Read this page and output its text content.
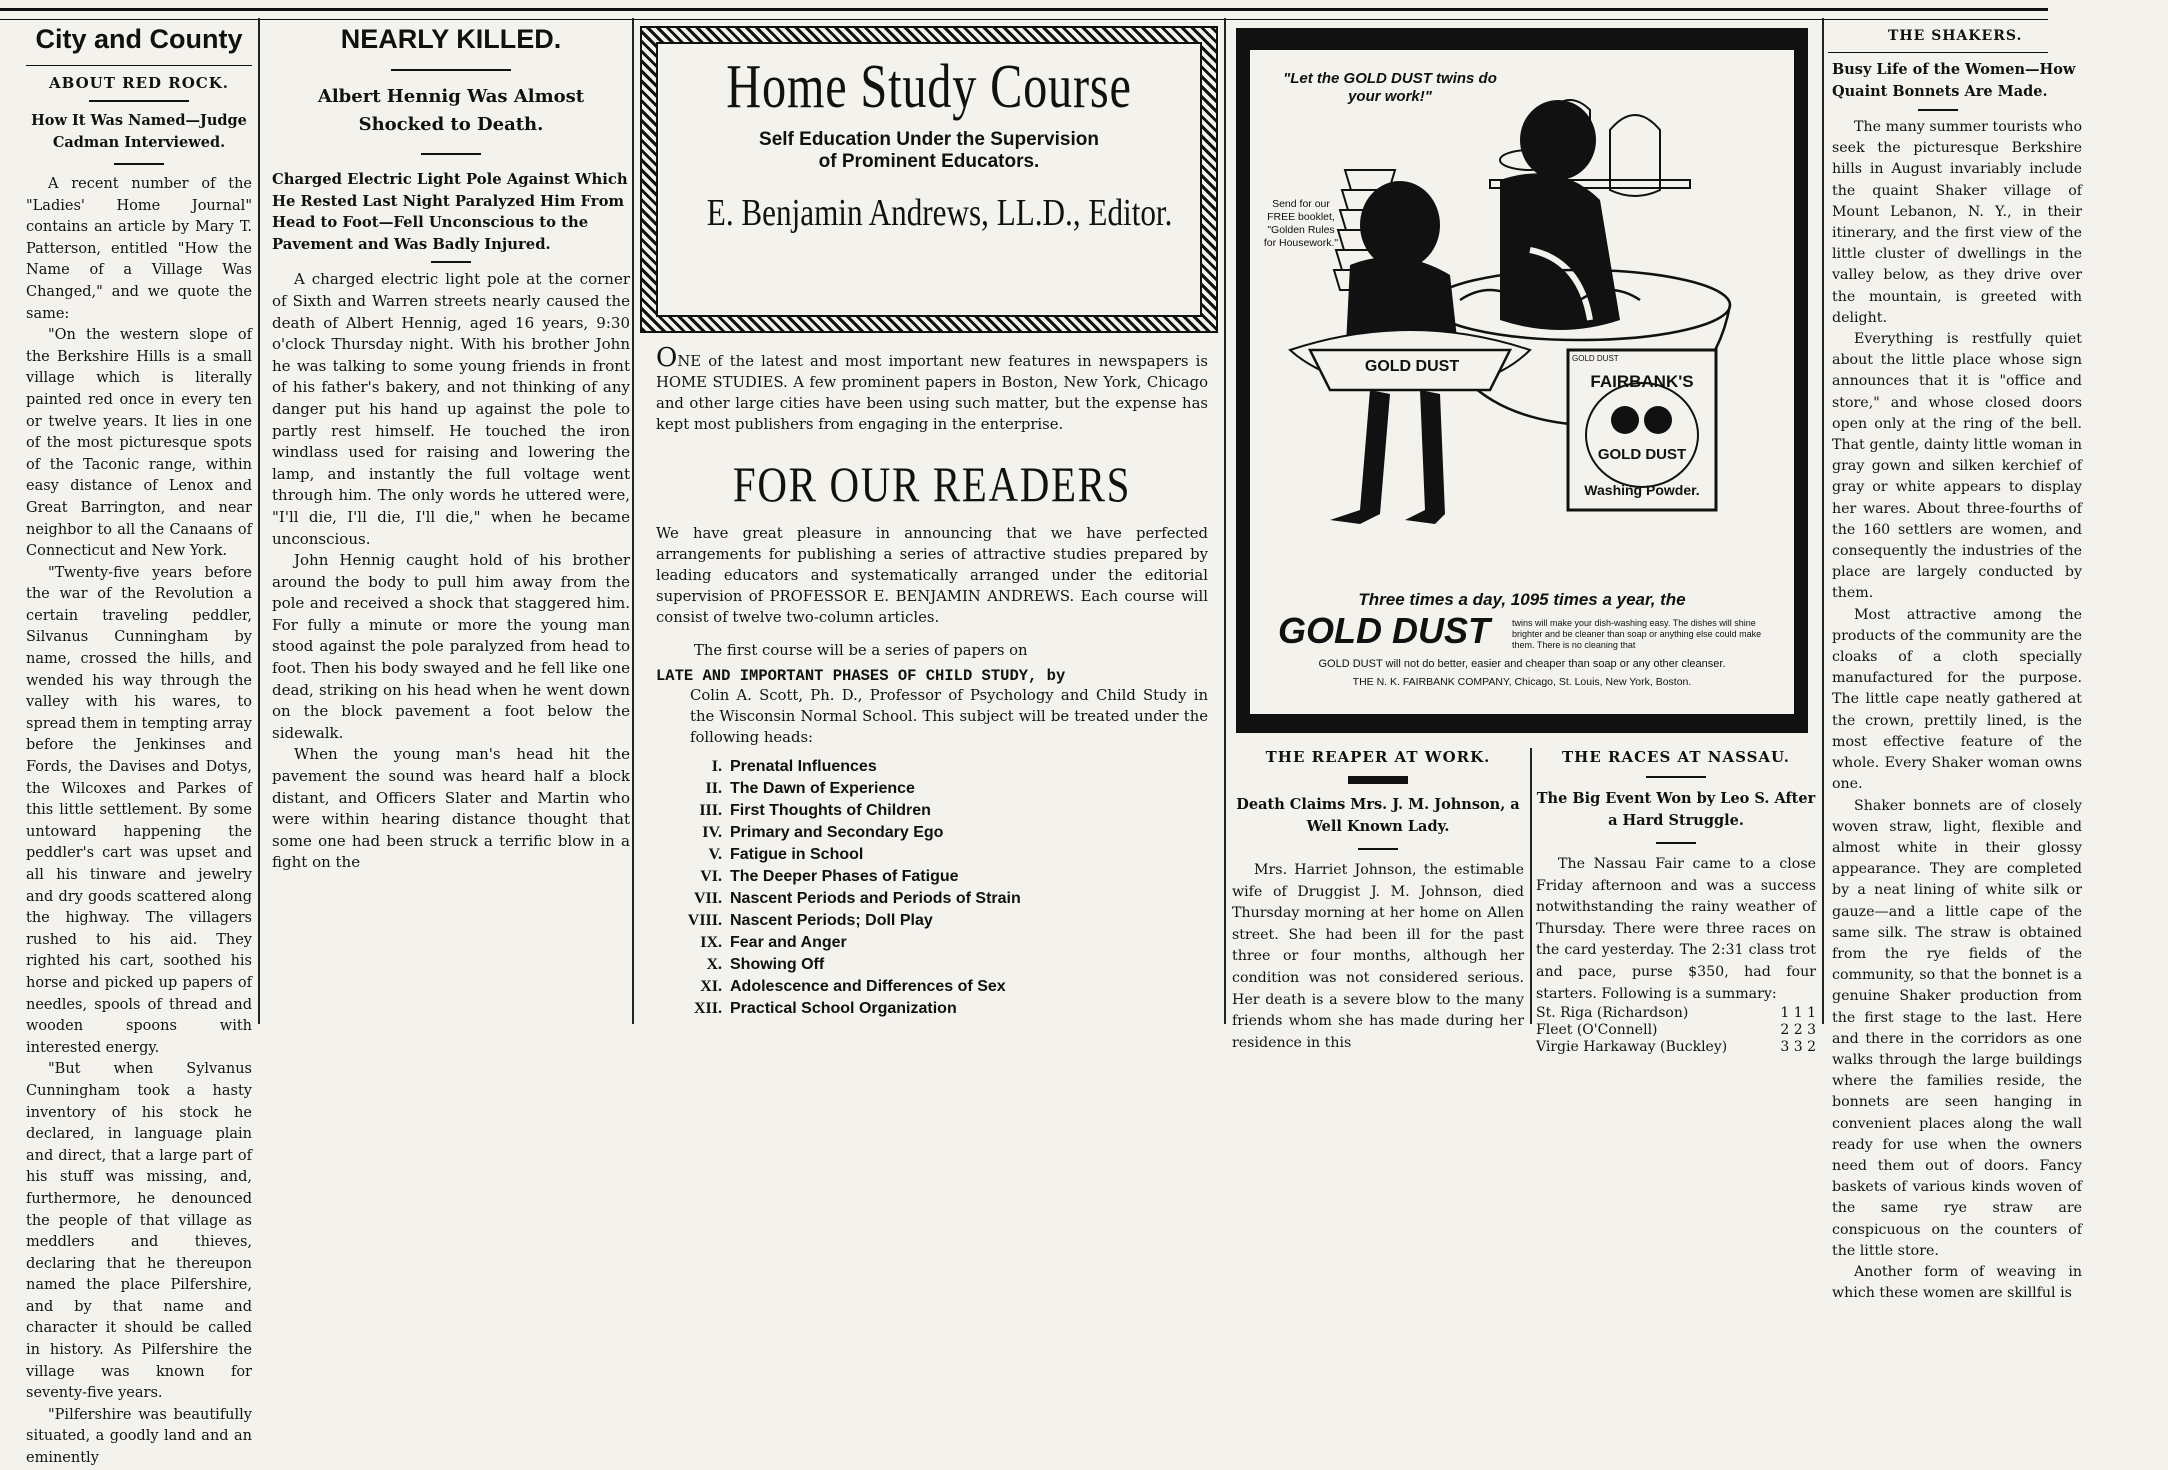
City and County
ABOUT RED ROCK.
How It Was Named—Judge Cadman Interviewed.

A recent number of the "Ladies' Home Journal" contains an article by Mary T. Patterson, entitled "How the Name of a Village Was Changed," and we quote the same:

"On the western slope of the Berkshire Hills is a small village which is literally painted red once in every ten or twelve years. It lies in one of the most picturesque spots of the Taconic range, within easy distance of Lenox and Great Barrington, and near neighbor to all the Canaans of Connecticut and New York.

"Twenty-five years before the war of the Revolution a certain traveling peddler, Silvanus Cunningham by name, crossed the hills, and wended his way through the valley with his wares, to spread them in tempting array before the Jenkinses and Fords, the Davises and Dotys, the Wilcoxes and Parkes of this little settlement. By some untoward happening the peddler's cart was upset and all his tinware and jewelry and dry goods scattered along the highway. The villagers rushed to his aid. They righted his cart, soothed his horse and picked up papers of needles, spools of thread and wooden spoons with interested energy.

"But when Sylvanus Cunningham took a hasty inventory of his stock he declared, in language plain and direct, that a large part of his stuff was missing, and, furthermore, he denounced the people of that village as meddlers and thieves, declaring that he thereupon named the place Pilfershire, and by that name and character it should be called in history. As Pilfershire the village was known for seventy-five years.

"Pilfershire was beautifully situated, a goodly land and an eminently

NEARLY KILLED.
Albert Hennig Was Almost Shocked to Death.
Charged Electric Light Pole Against Which He Rested Last Night Paralyzed Him From Head to Foot—Fell Unconscious to the Pavement and Was Badly Injured.

A charged electric light pole at the corner of Sixth and Warren streets nearly caused the death of Albert Hennig, aged 16 years, 9:30 o'clock Thursday night. With his brother John he was talking to some young friends in front of his father's bakery, and not thinking of any danger put his hand up against the pole to partly rest himself. He touched the iron windlass used for raising and lowering the lamp, and instantly the full voltage went through him. The only words he uttered were, "I'll die, I'll die, I'll die," when he became unconscious.

John Hennig caught hold of his brother around the body to pull him away from the pole and received a shock that staggered him. For fully a minute or more the young man stood against the pole paralyzed from head to foot. Then his body swayed and he fell like one dead, striking on his head when he went down on the block pavement a foot below the sidewalk.

When the young man's head hit the pavement the sound was heard half a block distant, and Officers Slater and Martin who were within hearing distance thought that some one had been struck a terrific blow in a fight on the

Home Study Course
Self Education Under the Supervision
of Prominent Educators.
E. Benjamin Andrews, LL.D., Editor.
ONE of the latest and most important new features in newspapers is HOME STUDIES. A few prominent papers in Boston, New York, Chicago and other large cities have been using such matter, but the expense has kept most publishers from engaging in the enterprise.
FOR OUR READERS
We have great pleasure in announcing that we have perfected arrangements for publishing a series of attractive studies prepared by leading educators and systematically arranged under the editorial supervision of PROFESSOR E. BENJAMIN ANDREWS. Each course will consist of twelve two-column articles.
The first course will be a series of papers on
LATE AND IMPORTANT PHASES OF CHILD STUDY, by
Colin A. Scott, Ph. D., Professor of Psychology and Child Study in the Wisconsin Normal School. This subject will be treated under the following heads:
I. Prenatal Influences
II. The Dawn of Experience
III. First Thoughts of Children
IV. Primary and Secondary Ego
V. Fatigue in School
VI. The Deeper Phases of Fatigue
VII. Nascent Periods and Periods of Strain
VIII. Nascent Periods; Doll Play
IX. Fear and Anger
X. Showing Off
XI. Adolescence and Differences of Sex
XII. Practical School Organization
"Let the GOLD DUST twins do your work!"
Send for our FREE booklet, "Golden Rules for Housework."
GOLD DUST	GOLD DUST
FAIRBANK'S
GOLD DUST
Washing Powder.
Three times a day, 1095 times a year, the
GOLD DUST	twins will make your dish-washing easy. The dishes will shine brighter and be cleaner than soap or anything else could make them. There is no cleaning that
GOLD DUST will not do better, easier and cheaper than soap or any other cleanser.
THE N. K. FAIRBANK COMPANY, Chicago, St. Louis, New York, Boston.
THE REAPER AT WORK.
Death Claims Mrs. J. M. Johnson, a Well Known Lady.
Mrs. Harriet Johnson, the estimable wife of Druggist J. M. Johnson, died Thursday morning at her home on Allen street. She had been ill for the past three or four months, although her condition was not considered serious. Her death is a severe blow to the many friends whom she has made during her residence in this
THE RACES AT NASSAU.
The Big Event Won by Leo S. After a Hard Struggle.
The Nassau Fair came to a close Friday afternoon and was a success notwithstanding the rainy weather of Thursday. There were three races on the card yesterday. The 2:31 class trot and pace, purse $350, had four starters. Following is a summary:
St. Riga (Richardson)	1 1 1
Fleet (O'Connell)	2 2 3
Virgie Harkaway (Buckley)	3 3 2
THE SHAKERS.
Busy Life of the Women—How Quaint Bonnets Are Made.

The many summer tourists who seek the picturesque Berkshire hills in August invariably include the quaint Shaker village of Mount Lebanon, N. Y., in their itinerary, and the first view of the little cluster of dwellings in the valley below, as they drive over the mountain, is greeted with delight.

Everything is restfully quiet about the little place whose sign announces that it is "office and store," and whose closed doors open only at the ring of the bell. That gentle, dainty little woman in gray gown and silken kerchief of gray or white appears to display her wares. About three-fourths of the 160 settlers are women, and consequently the industries of the place are largely conducted by them.

Most attractive among the products of the community are the cloaks of a cloth specially manufactured for the purpose. The little cape neatly gathered at the crown, prettily lined, is the most effective feature of the whole. Every Shaker woman owns one.

Shaker bonnets are of closely woven straw, light, flexible and almost white in their glossy appearance. They are completed by a neat lining of white silk or gauze—and a little cape of the same silk. The straw is obtained from the rye fields of the community, so that the bonnet is a genuine Shaker production from the first stage to the last. Here and there in the corridors as one walks through the large buildings where the families reside, the bonnets are seen hanging in convenient places along the wall ready for use when the owners need them out of doors. Fancy baskets of various kinds woven of the same rye straw are conspicuous on the counters of the little store.

Another form of weaving in which these women are skillful is
